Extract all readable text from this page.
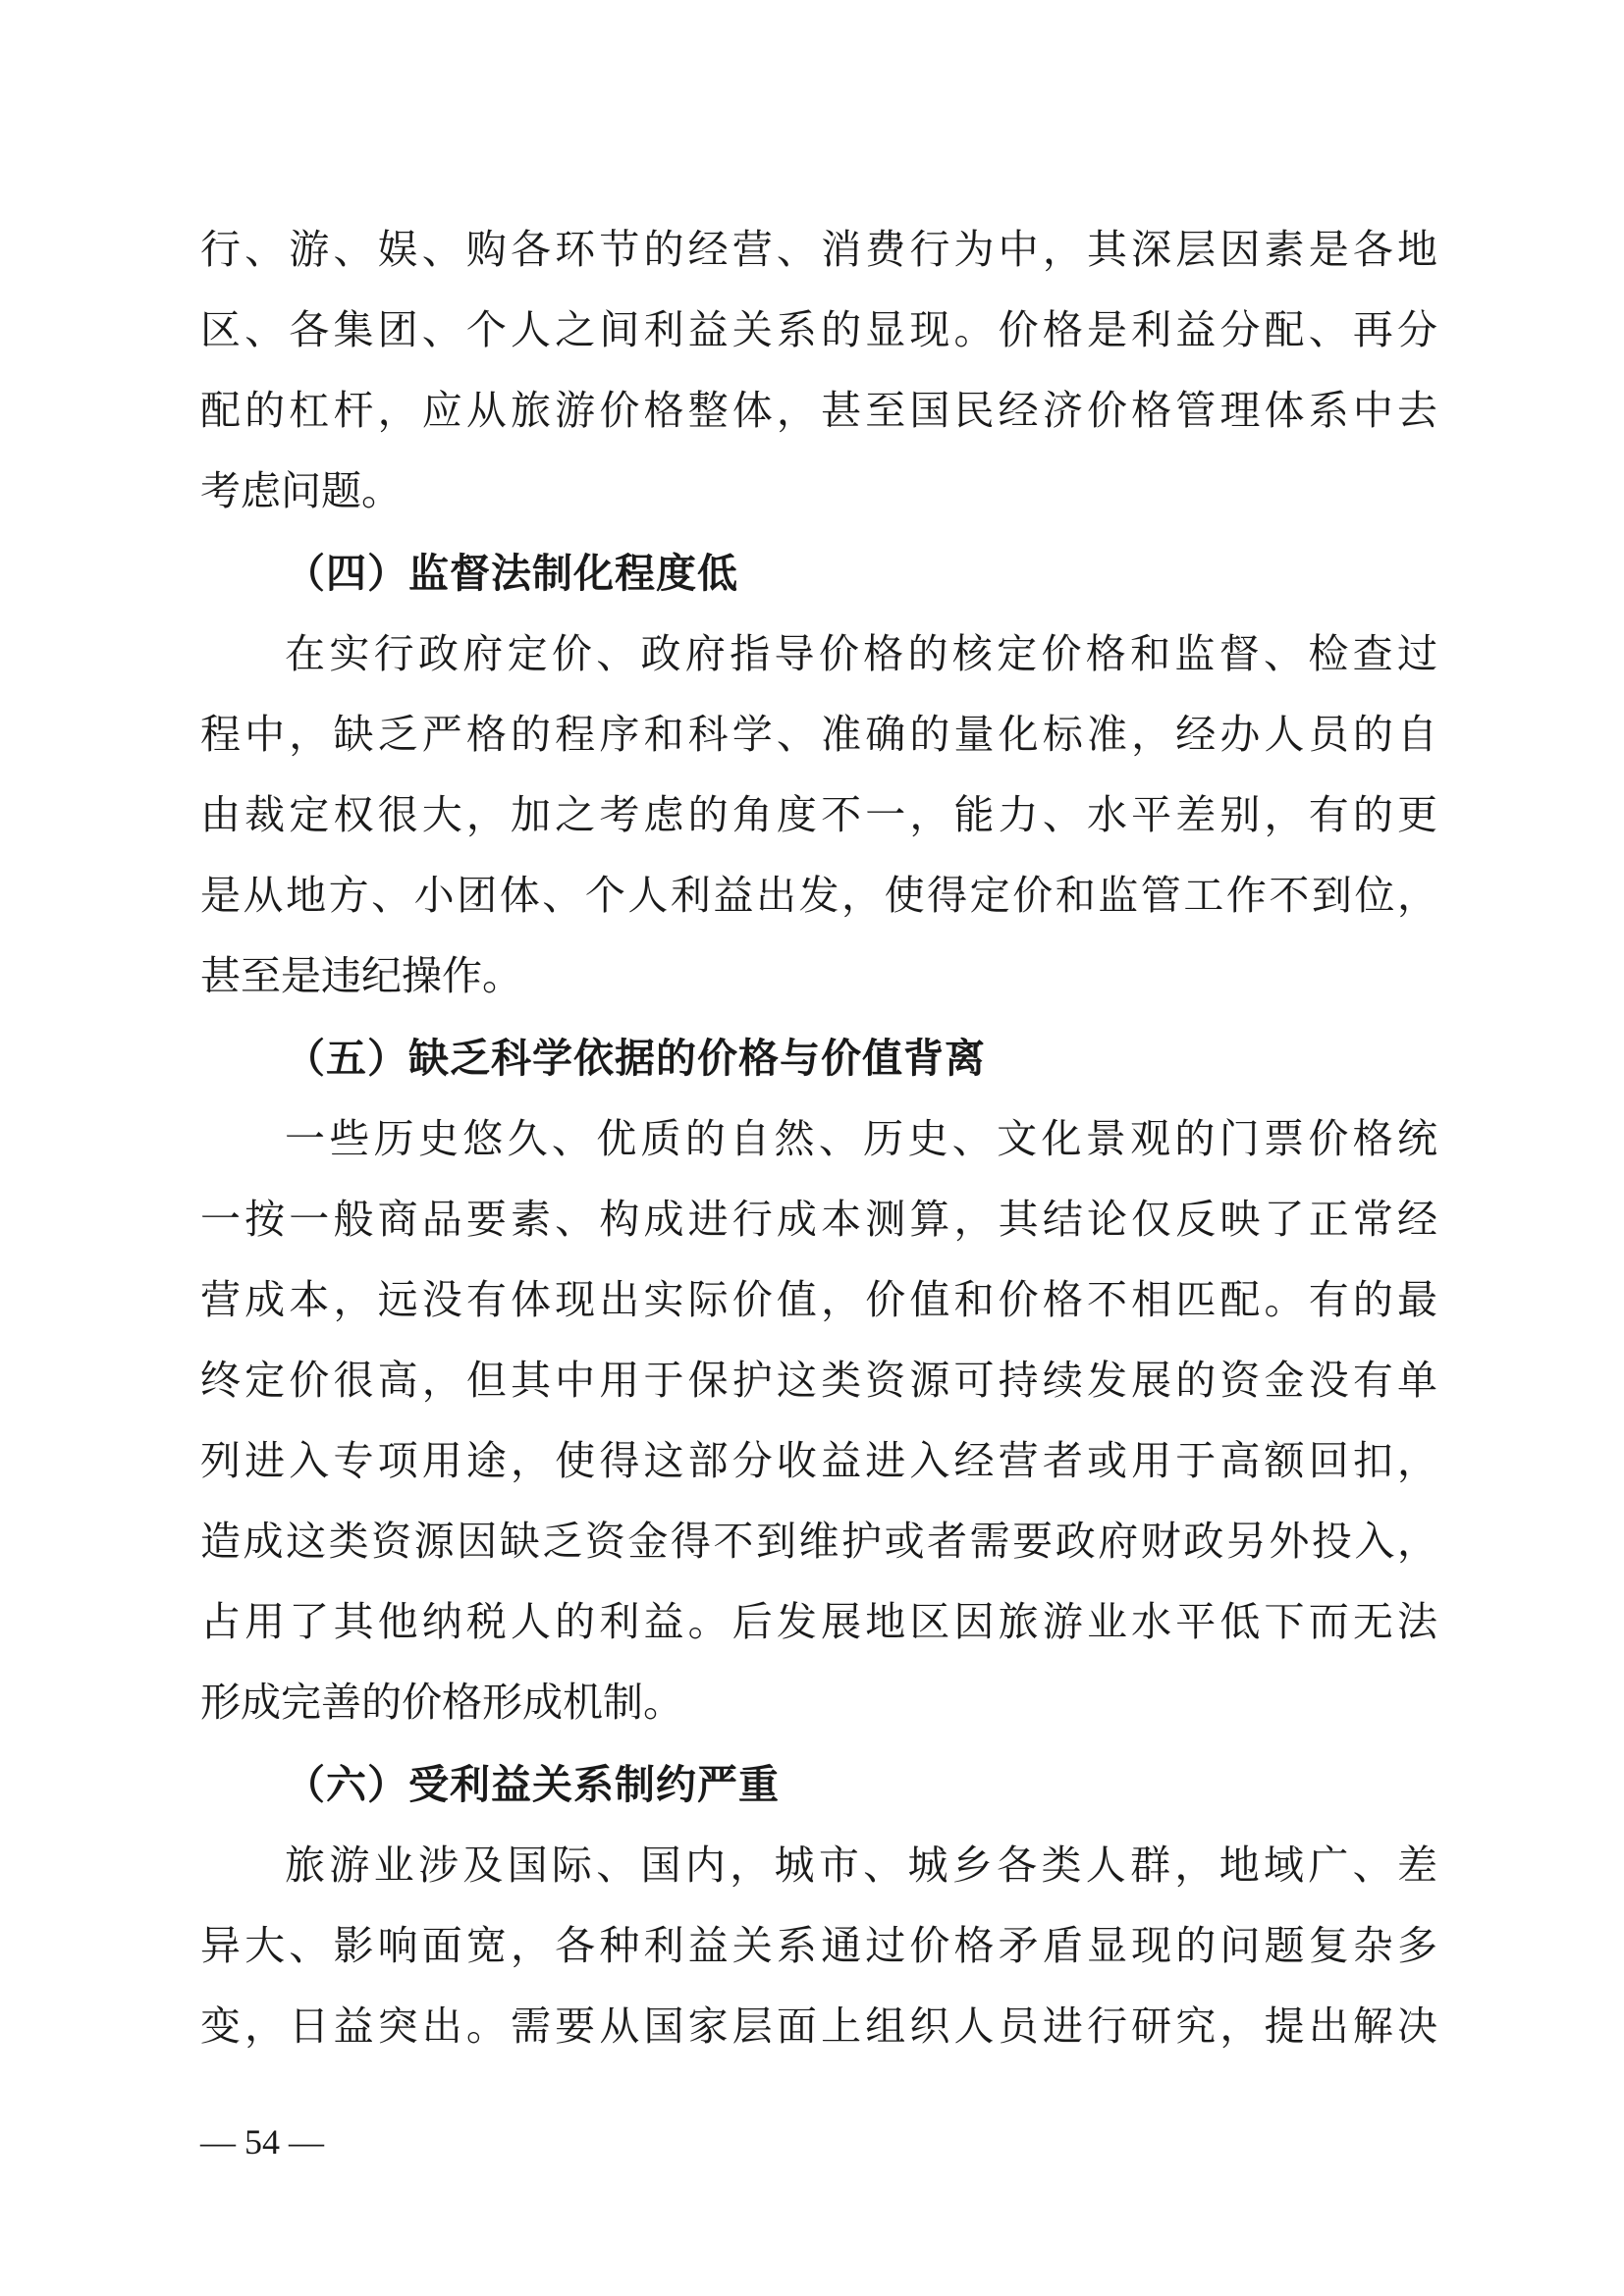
行、游、娱、购各环节的经营、消费行为中，其深层因素是各地
区、各集团、个人之间利益关系的显现。价格是利益分配、再分
配的杠杆，应从旅游价格整体，甚至国民经济价格管理体系中去
考虑问题。
（四）监督法制化程度低
在实行政府定价、政府指导价格的核定价格和监督、检查过
程中，缺乏严格的程序和科学、准确的量化标准，经办人员的自
由裁定权很大，加之考虑的角度不一，能力、水平差别，有的更
是从地方、小团体、个人利益出发，使得定价和监管工作不到位，
甚至是违纪操作。
（五）缺乏科学依据的价格与价值背离
一些历史悠久、优质的自然、历史、文化景观的门票价格统
一按一般商品要素、构成进行成本测算，其结论仅反映了正常经
营成本，远没有体现出实际价值，价值和价格不相匹配。有的最
终定价很高，但其中用于保护这类资源可持续发展的资金没有单
列进入专项用途，使得这部分收益进入经营者或用于高额回扣，
造成这类资源因缺乏资金得不到维护或者需要政府财政另外投入，
占用了其他纳税人的利益。后发展地区因旅游业水平低下而无法
形成完善的价格形成机制。
（六）受利益关系制约严重
旅游业涉及国际、国内，城市、城乡各类人群，地域广、差
异大、影响面宽，各种利益关系通过价格矛盾显现的问题复杂多
变，日益突出。需要从国家层面上组织人员进行研究，提出解决
— 54 —
